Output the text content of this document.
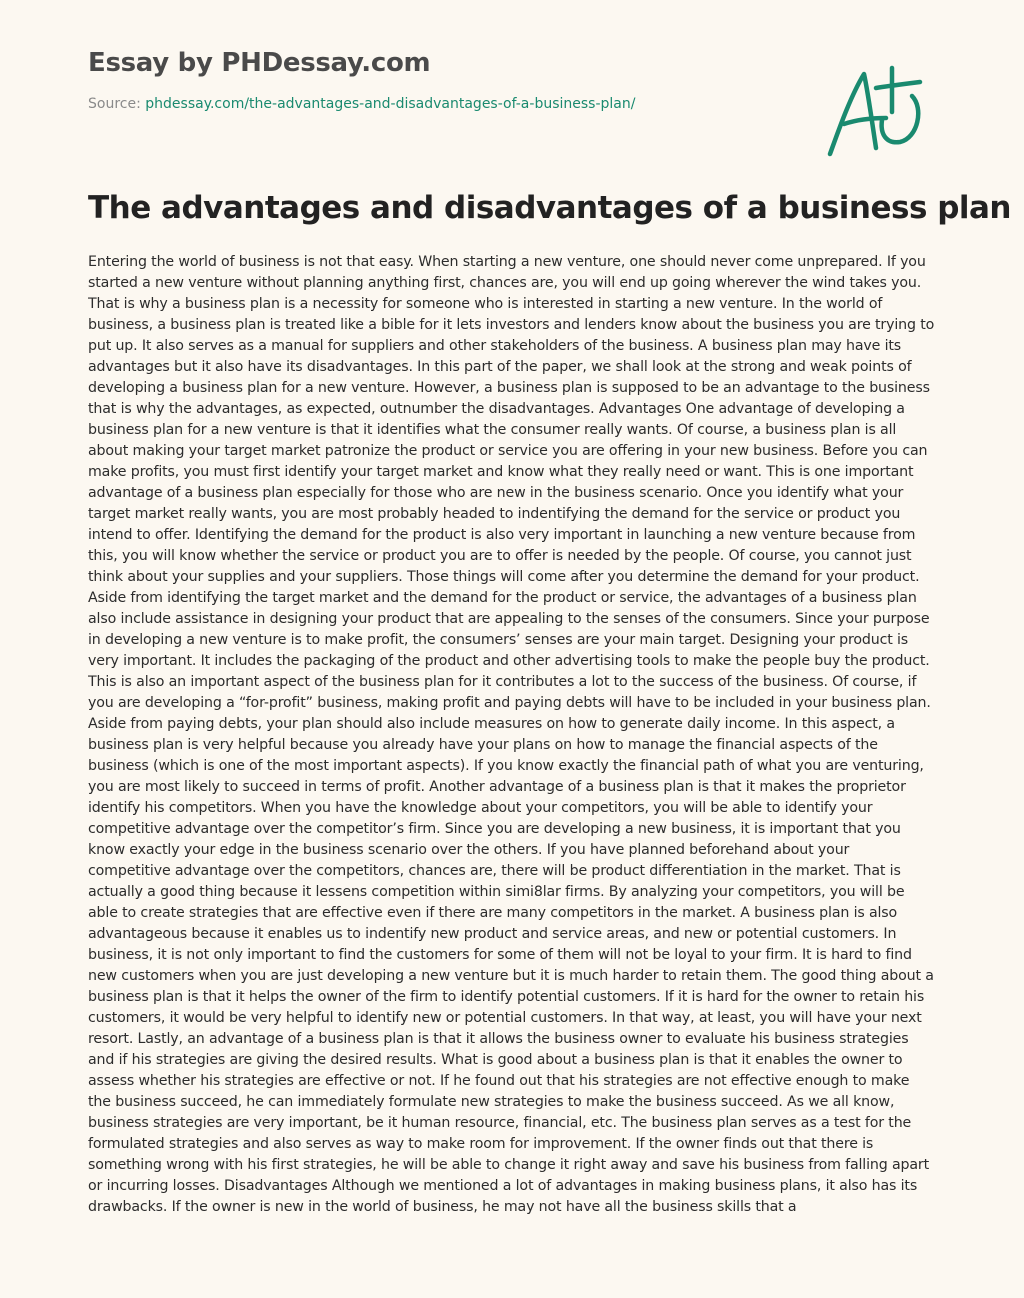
Essay by PHDessay.com
Source: phdessay.com/the-advantages-and-disadvantages-of-a-business-plan/
The advantages and disadvantages of a business plan

Entering the world of business is not that easy. When starting a new venture, one should never come unprepared. If you started a new venture without planning anything first, chances are, you will end up going wherever the wind takes you. That is why a business plan is a necessity for someone who is interested in starting a new venture. In the world of business, a business plan is treated like a bible for it lets investors and lenders know about the business you are trying to put up. It also serves as a manual for suppliers and other stakeholders of the business. A business plan may have its advantages but it also have its disadvantages. In this part of the paper, we shall look at the strong and weak points of developing a business plan for a new venture. However, a business plan is supposed to be an advantage to the business that is why the advantages, as expected, outnumber the disadvantages. Advantages One advantage of developing a business plan for a new venture is that it identifies what the consumer really wants. Of course, a business plan is all about making your target market patronize the product or service you are offering in your new business. Before you can make profits, you must first identify your target market and know what they really need or want. This is one important advantage of a business plan especially for those who are new in the business scenario. Once you identify what your target market really wants, you are most probably headed to indentifying the demand for the service or product you intend to offer. Identifying the demand for the product is also very important in launching a new venture because from this, you will know whether the service or product you are to offer is needed by the people. Of course, you cannot just think about your supplies and your suppliers. Those things will come after you determine the demand for your product. Aside from identifying the target market and the demand for the product or service, the advantages of a business plan also include assistance in designing your product that are appealing to the senses of the consumers. Since your purpose in developing a new venture is to make profit, the consumers’ senses are your main target. Designing your product is very important. It includes the packaging of the product and other advertising tools to make the people buy the product. This is also an important aspect of the business plan for it contributes a lot to the success of the business. Of course, if you are developing a “for-profit” business, making profit and paying debts will have to be included in your business plan. Aside from paying debts, your plan should also include measures on how to generate daily income. In this aspect, a business plan is very helpful because you already have your plans on how to manage the financial aspects of the business (which is one of the most important aspects). If you know exactly the financial path of what you are venturing, you are most likely to succeed in terms of profit. Another advantage of a business plan is that it makes the proprietor identify his competitors. When you have the knowledge about your competitors, you will be able to identify your competitive advantage over the competitor’s firm. Since you are developing a new business, it is important that you know exactly your edge in the business scenario over the others. If you have planned beforehand about your competitive advantage over the competitors, chances are, there will be product differentiation in the market. That is actually a good thing because it lessens competition within simi8lar firms. By analyzing your competitors, you will be able to create strategies that are effective even if there are many competitors in the market. A business plan is also advantageous because it enables us to indentify new product and service areas, and new or potential customers. In business, it is not only important to find the customers for some of them will not be loyal to your firm. It is hard to find new customers when you are just developing a new venture but it is much harder to retain them. The good thing about a business plan is that it helps the owner of the firm to identify potential customers. If it is hard for the owner to retain his customers, it would be very helpful to identify new or potential customers. In that way, at least, you will have your next resort. Lastly, an advantage of a business plan is that it allows the business owner to evaluate his business strategies and if his strategies are giving the desired results. What is good about a business plan is that it enables the owner to assess whether his strategies are effective or not. If he found out that his strategies are not effective enough to make the business succeed, he can immediately formulate new strategies to make the business succeed. As we all know, business strategies are very important, be it human resource, financial, etc. The business plan serves as a test for the formulated strategies and also serves as way to make room for improvement. If the owner finds out that there is something wrong with his first strategies, he will be able to change it right away and save his business from falling apart or incurring losses. Disadvantages Although we mentioned a lot of advantages in making business plans, it also has its drawbacks. If the owner is new in the world of business, he may not have all the business skills that a
